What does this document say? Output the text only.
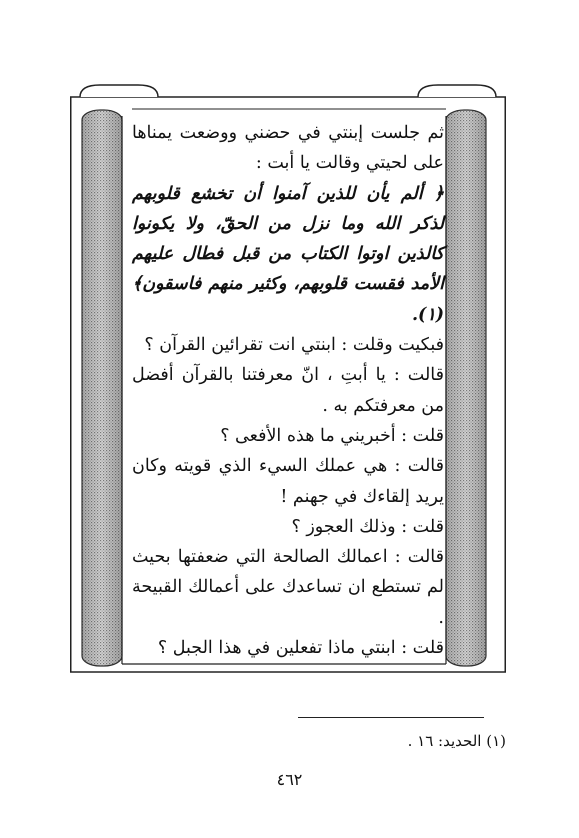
ثم جلست إبنتي في حضني ووضعت يمناها على لحيتي وقالت يا أبت :

﴿ ألم يأن للذين آمنوا أن تخشع قلوبهم لذكر الله وما نزل من الحقّ، ولا يكونوا كالذين اوتوا الكتاب من قبل فطال عليهم الأمد فقست قلوبهم، وكثير منهم فاسقون﴾(١).

فبكيت وقلت : ابنتي انت تقرائين القرآن ؟

قالت : يا أبتِ ، انّ معرفتنا بالقرآن أفضل من معرفتكم به .

قلت : أخبريني ما هذه الأفعى ؟

قالت : هي عملك السيء الذي قويته وكان يريد إلقاءك في جهنم !

قلت : وذلك العجوز ؟

قالت : اعمالك الصالحة التي ضعفتها بحيث لم تستطع ان تساعدك على أعمالك القبيحة .

قلت : ابنتي ماذا تفعلين في هذا الجبل ؟

(١) الحديد: ١٦ .
٤٦٢
